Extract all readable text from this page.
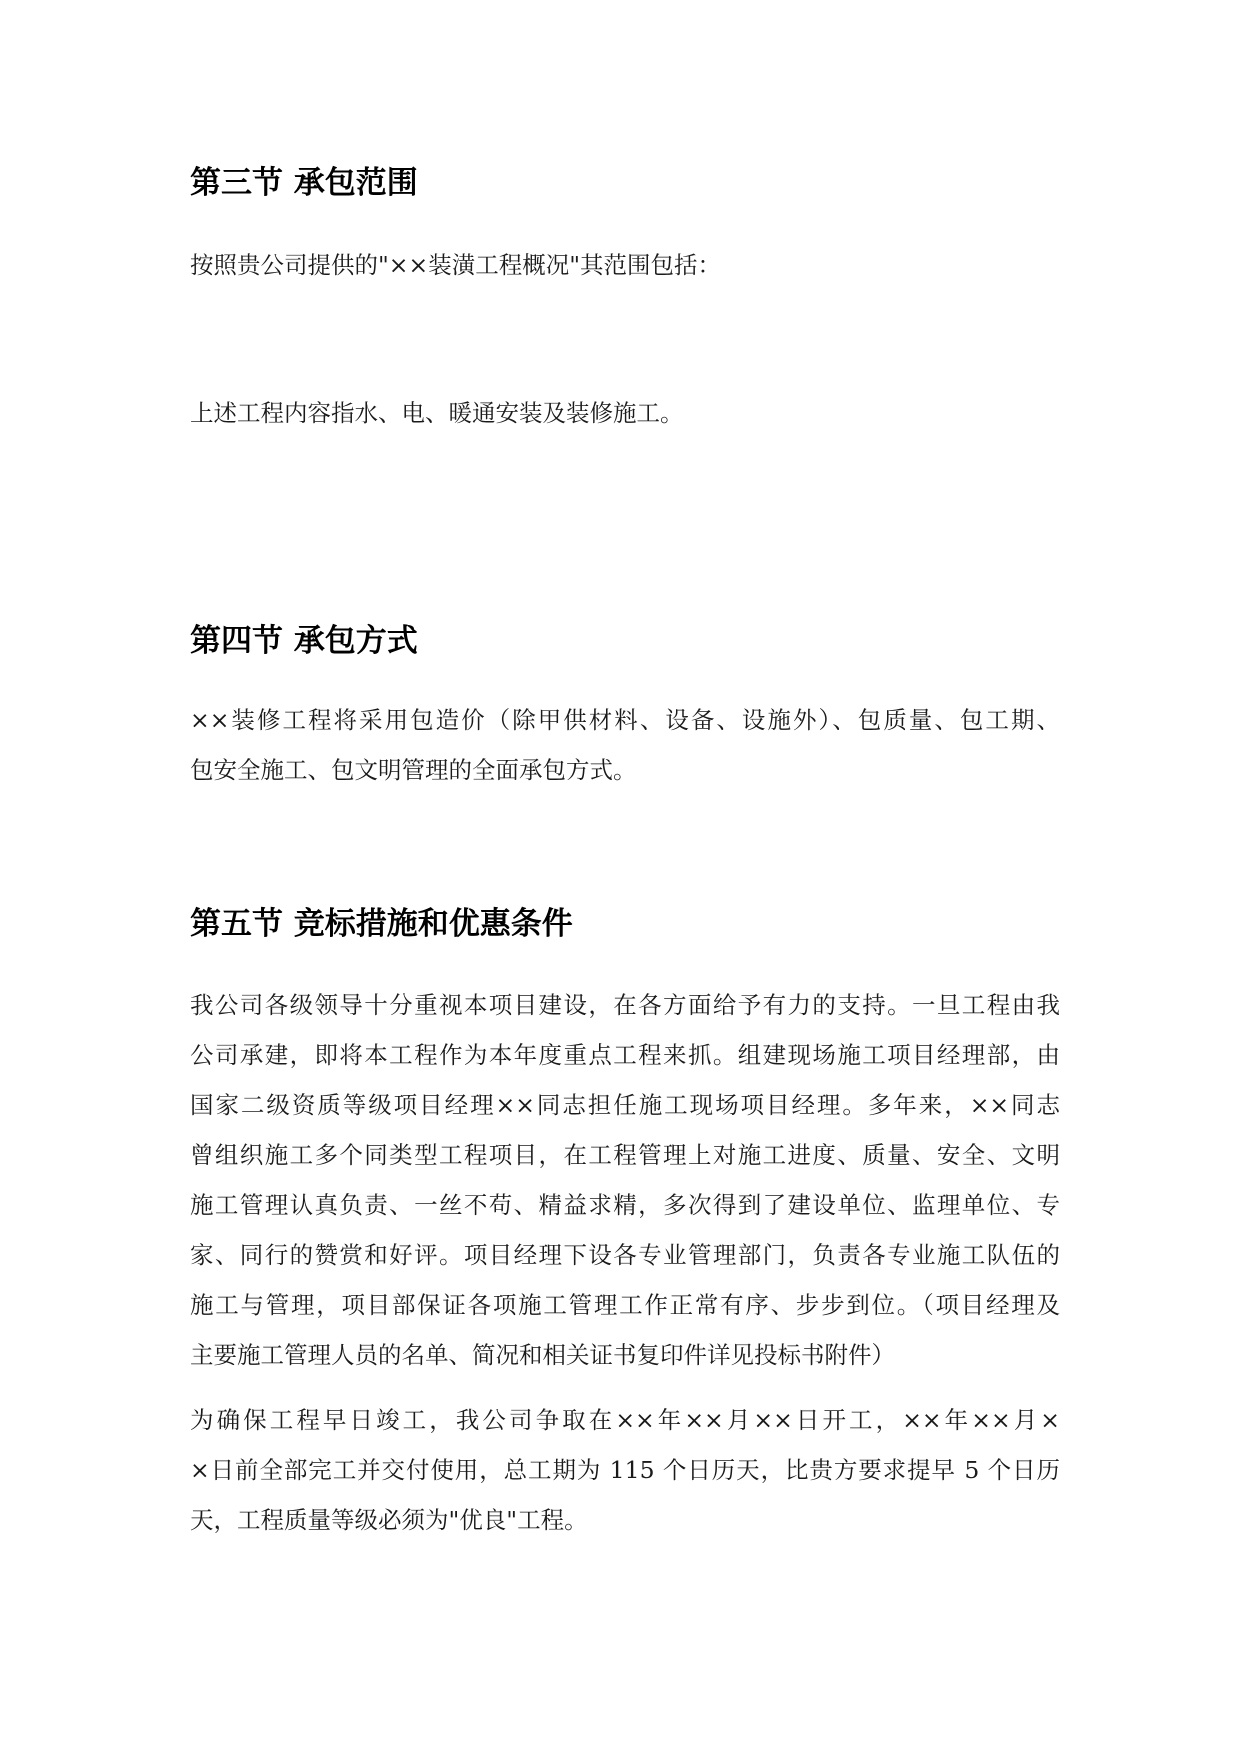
第三节 承包范围

按照贵公司提供的"××装潢工程概况"其范围包括：

上述工程内容指水、电、暖通安装及装修施工。

第四节 承包方式

××装修工程将采用包造价（除甲供材料、设备、设施外）、包质量、包工期、
包安全施工、包文明管理的全面承包方式。

第五节 竞标措施和优惠条件

我公司各级领导十分重视本项目建设，在各方面给予有力的支持。一旦工程由我
公司承建，即将本工程作为本年度重点工程来抓。组建现场施工项目经理部，由
国家二级资质等级项目经理××同志担任施工现场项目经理。多年来，××同志
曾组织施工多个同类型工程项目，在工程管理上对施工进度、质量、安全、文明
施工管理认真负责、一丝不苟、精益求精，多次得到了建设单位、监理单位、专
家、同行的赞赏和好评。项目经理下设各专业管理部门，负责各专业施工队伍的
施工与管理，项目部保证各项施工管理工作正常有序、步步到位。（项目经理及
主要施工管理人员的名单、简况和相关证书复印件详见投标书附件）

为确保工程早日竣工，我公司争取在××年××月××日开工，××年××月×
×日前全部完工并交付使用，总工期为 115 个日历天，比贵方要求提早 5 个日历
天，工程质量等级必须为"优良"工程。
